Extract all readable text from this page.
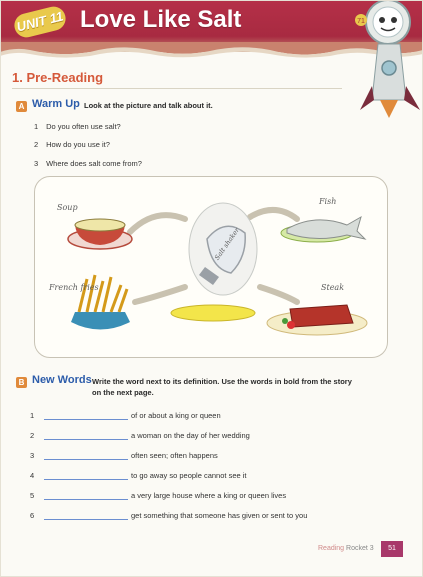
UNIT 11 Love Like Salt	71
1. Pre-Reading
A Warm Up Look at the picture and talk about it.
1 Do you often use salt?
2 How do you use it?
3 Where does salt come from?
Soup
Fish
French fries	Steak
Salt shaker
B New Words Write the word next to its definition. Use the words in bold from the story
on the next page.
1	of or about a king or queen
2	a woman on the day of her wedding
3	often seen; often happens
4	to go away so people cannot see it
5	a very large house where a king or queen lives
6	get something that someone has given or sent to you
Reading Rocket 3	51
